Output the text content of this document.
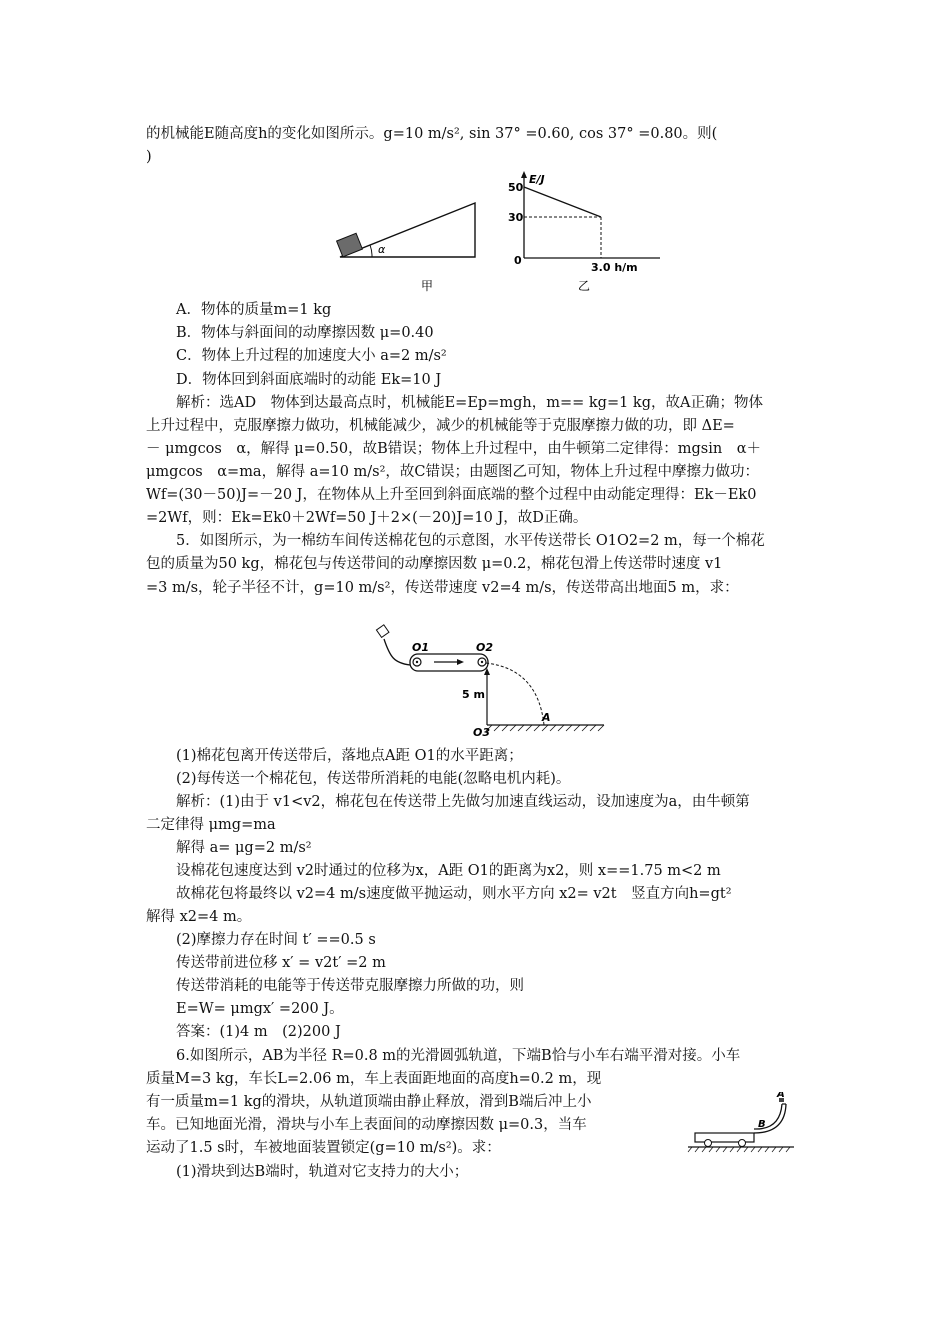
的机械能E随高度h的变化如图所示。g=10 m/s², sin 37° =0.60, cos 37° =0.80。则(
)
α
甲
E/J
50
30
0
3.0 h/m
乙
A．物体的质量m=1 kg
B．物体与斜面间的动摩擦因数 μ=0.40
C．物体上升过程的加速度大小 a=2 m/s²
D．物体回到斜面底端时的动能 Ek=10 J
解析：选AD　物体到达最高点时，机械能E=Ep=mgh，m== kg=1 kg，故A正确；物体
上升过程中，克服摩擦力做功，机械能减少，减少的机械能等于克服摩擦力做的功，即 ΔE=
－ μmgcos　α，解得 μ=0.50，故B错误；物体上升过程中，由牛顿第二定律得：mgsin　α＋
μmgcos　α=ma，解得 a=10 m/s²，故C错误；由题图乙可知，物体上升过程中摩擦力做功：
Wf=(30－50)J=－20 J，在物体从上升至回到斜面底端的整个过程中由动能定理得：Ek－Ek0
=2Wf，则：Ek=Ek0＋2Wf=50 J＋2×(－20)J=10 J，故D正确。
5．如图所示，为一棉纺车间传送棉花包的示意图，水平传送带长 O1O2=2 m，每一个棉花
包的质量为50 kg，棉花包与传送带间的动摩擦因数 μ=0.2，棉花包滑上传送带时速度 v1
=3 m/s，轮子半径不计，g=10 m/s²，传送带速度 v2=4 m/s，传送带高出地面5 m，求：
O1	O2
5 m
A
O3
(1)棉花包离开传送带后，落地点A距 O1的水平距离；
(2)每传送一个棉花包，传送带所消耗的电能(忽略电机内耗)。
解析：(1)由于 v1<v2，棉花包在传送带上先做匀加速直线运动，设加速度为a，由牛顿第
二定律得 μmg=ma
解得 a= μg=2 m/s²
设棉花包速度达到 v2时通过的位移为x，A距 O1的距离为x2，则 x==1.75 m<2 m
故棉花包将最终以 v2=4 m/s速度做平抛运动，则水平方向 x2= v2t　竖直方向h=gt²
解得 x2=4 m。
(2)摩擦力存在时间 t′ ==0.5 s
传送带前进位移 x′ = v2t′ =2 m
传送带消耗的电能等于传送带克服摩擦力所做的功，则
E=W= μmgx′ =200 J。
答案：(1)4 m　(2)200 J
6.如图所示，AB为半径 R=0.8 m的光滑圆弧轨道，下端B恰与小车右端平滑对接。小车
质量M=3 kg，车长L=2.06 m，车上表面距地面的高度h=0.2 m，现
有一质量m=1 kg的滑块，从轨道顶端由静止释放，滑到B端后冲上小
车。已知地面光滑，滑块与小车上表面间的动摩擦因数 μ=0.3，当车
运动了1.5 s时，车被地面装置锁定(g=10 m/s²)。求：
(1)滑块到达B端时，轨道对它支持力的大小；
A
B
